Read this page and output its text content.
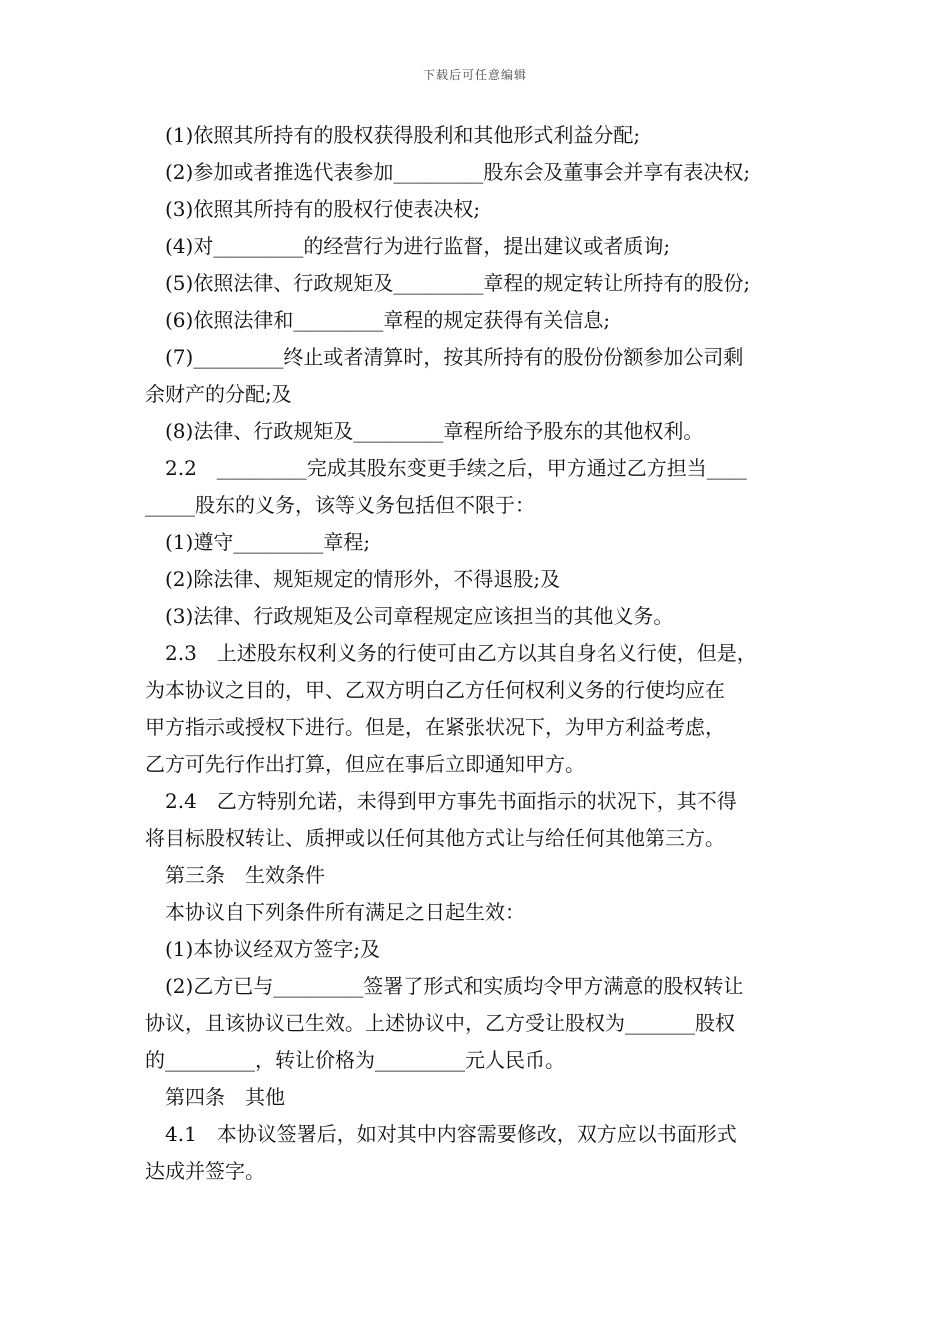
下载后可任意编辑
(1)依照其所持有的股权获得股利和其他形式利益分配;
(2)参加或者推选代表参加_________股东会及董事会并享有表决权;
(3)依照其所持有的股权行使表决权;
(4)对_________的经营行为进行监督，提出建议或者质询;
(5)依照法律、行政规矩及_________章程的规定转让所持有的股份;
(6)依照法律和_________章程的规定获得有关信息;
(7)_________终止或者清算时，按其所持有的股份份额参加公司剩
余财产的分配;及
(8)法律、行政规矩及_________章程所给予股东的其他权利。
2.2　_________完成其股东变更手续之后，甲方通过乙方担当____
_____股东的义务，该等义务包括但不限于：
(1)遵守_________章程;
(2)除法律、规矩规定的情形外，不得退股;及
(3)法律、行政规矩及公司章程规定应该担当的其他义务。
2.3　上述股东权利义务的行使可由乙方以其自身名义行使，但是，
为本协议之目的，甲、乙双方明白乙方任何权利义务的行使均应在
甲方指示或授权下进行。但是，在紧张状况下，为甲方利益考虑，
乙方可先行作出打算，但应在事后立即通知甲方。
2.4　乙方特别允诺，未得到甲方事先书面指示的状况下，其不得
将目标股权转让、质押或以任何其他方式让与给任何其他第三方。
第三条　生效条件
本协议自下列条件所有满足之日起生效：
(1)本协议经双方签字;及
(2)乙方已与_________签署了形式和实质均令甲方满意的股权转让
协议，且该协议已生效。上述协议中，乙方受让股权为_______股权
的_________，转让价格为_________元人民币。
第四条　其他
4.1　本协议签署后，如对其中内容需要修改，双方应以书面形式
达成并签字。
